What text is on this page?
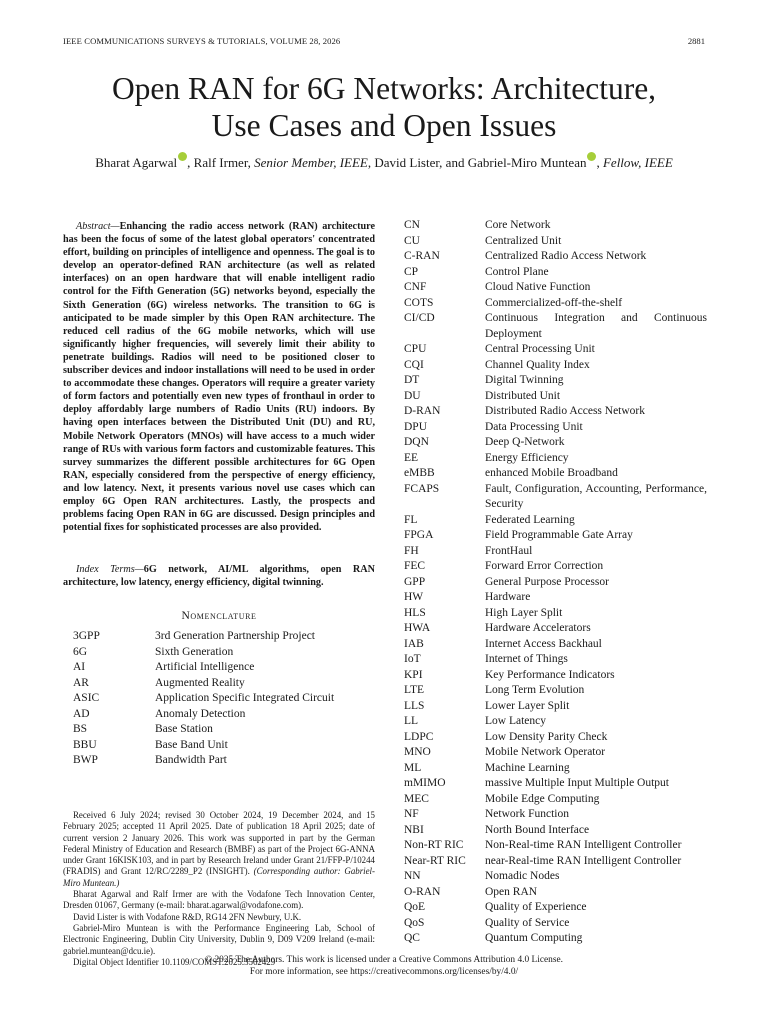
IEEE COMMUNICATIONS SURVEYS & TUTORIALS, VOLUME 28, 2026	2881
Open RAN for 6G Networks: Architecture,
Use Cases and Open Issues
Bharat Agarwal , Ralf Irmer, Senior Member, IEEE, David Lister, and Gabriel-Miro Muntean , Fellow, IEEE

Abstract—Enhancing the radio access network (RAN) architecture has been the focus of some of the latest global operators' concentrated effort, building on principles of intelligence and openness. The goal is to develop an operator-defined RAN architecture (as well as related interfaces) on an open hardware that will enable intelligent radio control for the Fifth Generation (5G) networks beyond, especially the Sixth Generation (6G) wireless networks. The transition to 6G is anticipated to be made simpler by this Open RAN architecture. The reduced cell radius of the 6G mobile networks, which will use significantly higher frequencies, will severely limit their ability to penetrate buildings. Radios will need to be positioned closer to subscriber devices and indoor installations will need to be used in order to accommodate these changes. Operators will require a greater variety of form factors and potentially even new types of fronthaul in order to deploy affordably large numbers of Radio Units (RU) indoors. By having open interfaces between the Distributed Unit (DU) and RU, Mobile Network Operators (MNOs) will have access to a much wider range of RUs with various form factors and customizable features. This survey summarizes the different possible architectures for 6G Open RAN, especially considered from the perspective of energy efficiency, and low latency. Next, it presents various novel use cases which can employ 6G Open RAN architectures. Lastly, the prospects and problems facing Open RAN in 6G are discussed. Design principles and potential fixes for sophisticated processes are also provided.

Index Terms—6G network, AI/ML algorithms, open RAN architecture, low latency, energy efficiency, digital twinning.

Nomenclature
3GPP	3rd Generation Partnership Project
6G	Sixth Generation
AI	Artificial Intelligence
AR	Augmented Reality
ASIC	Application Specific Integrated Circuit
AD	Anomaly Detection
BS	Base Station
BBU	Base Band Unit
BWP	Bandwidth Part
CN	Core Network
CU	Centralized Unit
C-RAN	Centralized Radio Access Network
CP	Control Plane
CNF	Cloud Native Function
COTS	Commercialized-off-the-shelf
CI/CD	Continuous Integration and Continuous Deployment
CPU	Central Processing Unit
CQI	Channel Quality Index
DT	Digital Twinning
DU	Distributed Unit
D-RAN	Distributed Radio Access Network
DPU	Data Processing Unit
DQN	Deep Q-Network
EE	Energy Efficiency
eMBB	enhanced Mobile Broadband
FCAPS	Fault, Configuration, Accounting, Performance, Security
FL	Federated Learning
FPGA	Field Programmable Gate Array
FH	FrontHaul
FEC	Forward Error Correction
GPP	General Purpose Processor
HW	Hardware
HLS	High Layer Split
HWA	Hardware Accelerators
IAB	Internet Access Backhaul
IoT	Internet of Things
KPI	Key Performance Indicators
LTE	Long Term Evolution
LLS	Lower Layer Split
LL	Low Latency
LDPC	Low Density Parity Check
MNO	Mobile Network Operator
ML	Machine Learning
mMIMO	massive Multiple Input Multiple Output
MEC	Mobile Edge Computing
NF	Network Function
NBI	North Bound Interface
Non-RT RIC	Non-Real-time RAN Intelligent Controller
Near-RT RIC	near-Real-time RAN Intelligent Controller
NN	Nomadic Nodes
O-RAN	Open RAN
QoE	Quality of Experience
QoS	Quality of Service
QC	Quantum Computing

Received 6 July 2024; revised 30 October 2024, 19 December 2024, and 15 February 2025; accepted 11 April 2025. Date of publication 18 April 2025; date of current version 2 January 2026. This work was supported in part by the German Federal Ministry of Education and Research (BMBF) as part of the Project 6G-ANNA under Grant 16KISK103, and in part by Research Ireland under Grant 21/FFP-P/10244 (FRADIS) and Grant 12/RC/2289_P2 (INSIGHT). (Corresponding author: Gabriel-Miro Muntean.)

Bharat Agarwal and Ralf Irmer are with the Vodafone Tech Innovation Center, Dresden 01067, Germany (e-mail: bharat.agarwal@vodafone.com).

David Lister is with Vodafone R&D, RG14 2FN Newbury, U.K.

Gabriel-Miro Muntean is with the Performance Engineering Lab, School of Electronic Engineering, Dublin City University, Dublin 9, D09 V209 Ireland (e-mail: gabriel.muntean@dcu.ie).

Digital Object Identifier 10.1109/COMST.2025.3562429

© 2025 The Authors. This work is licensed under a Creative Commons Attribution 4.0 License.
For more information, see https://creativecommons.org/licenses/by/4.0/
